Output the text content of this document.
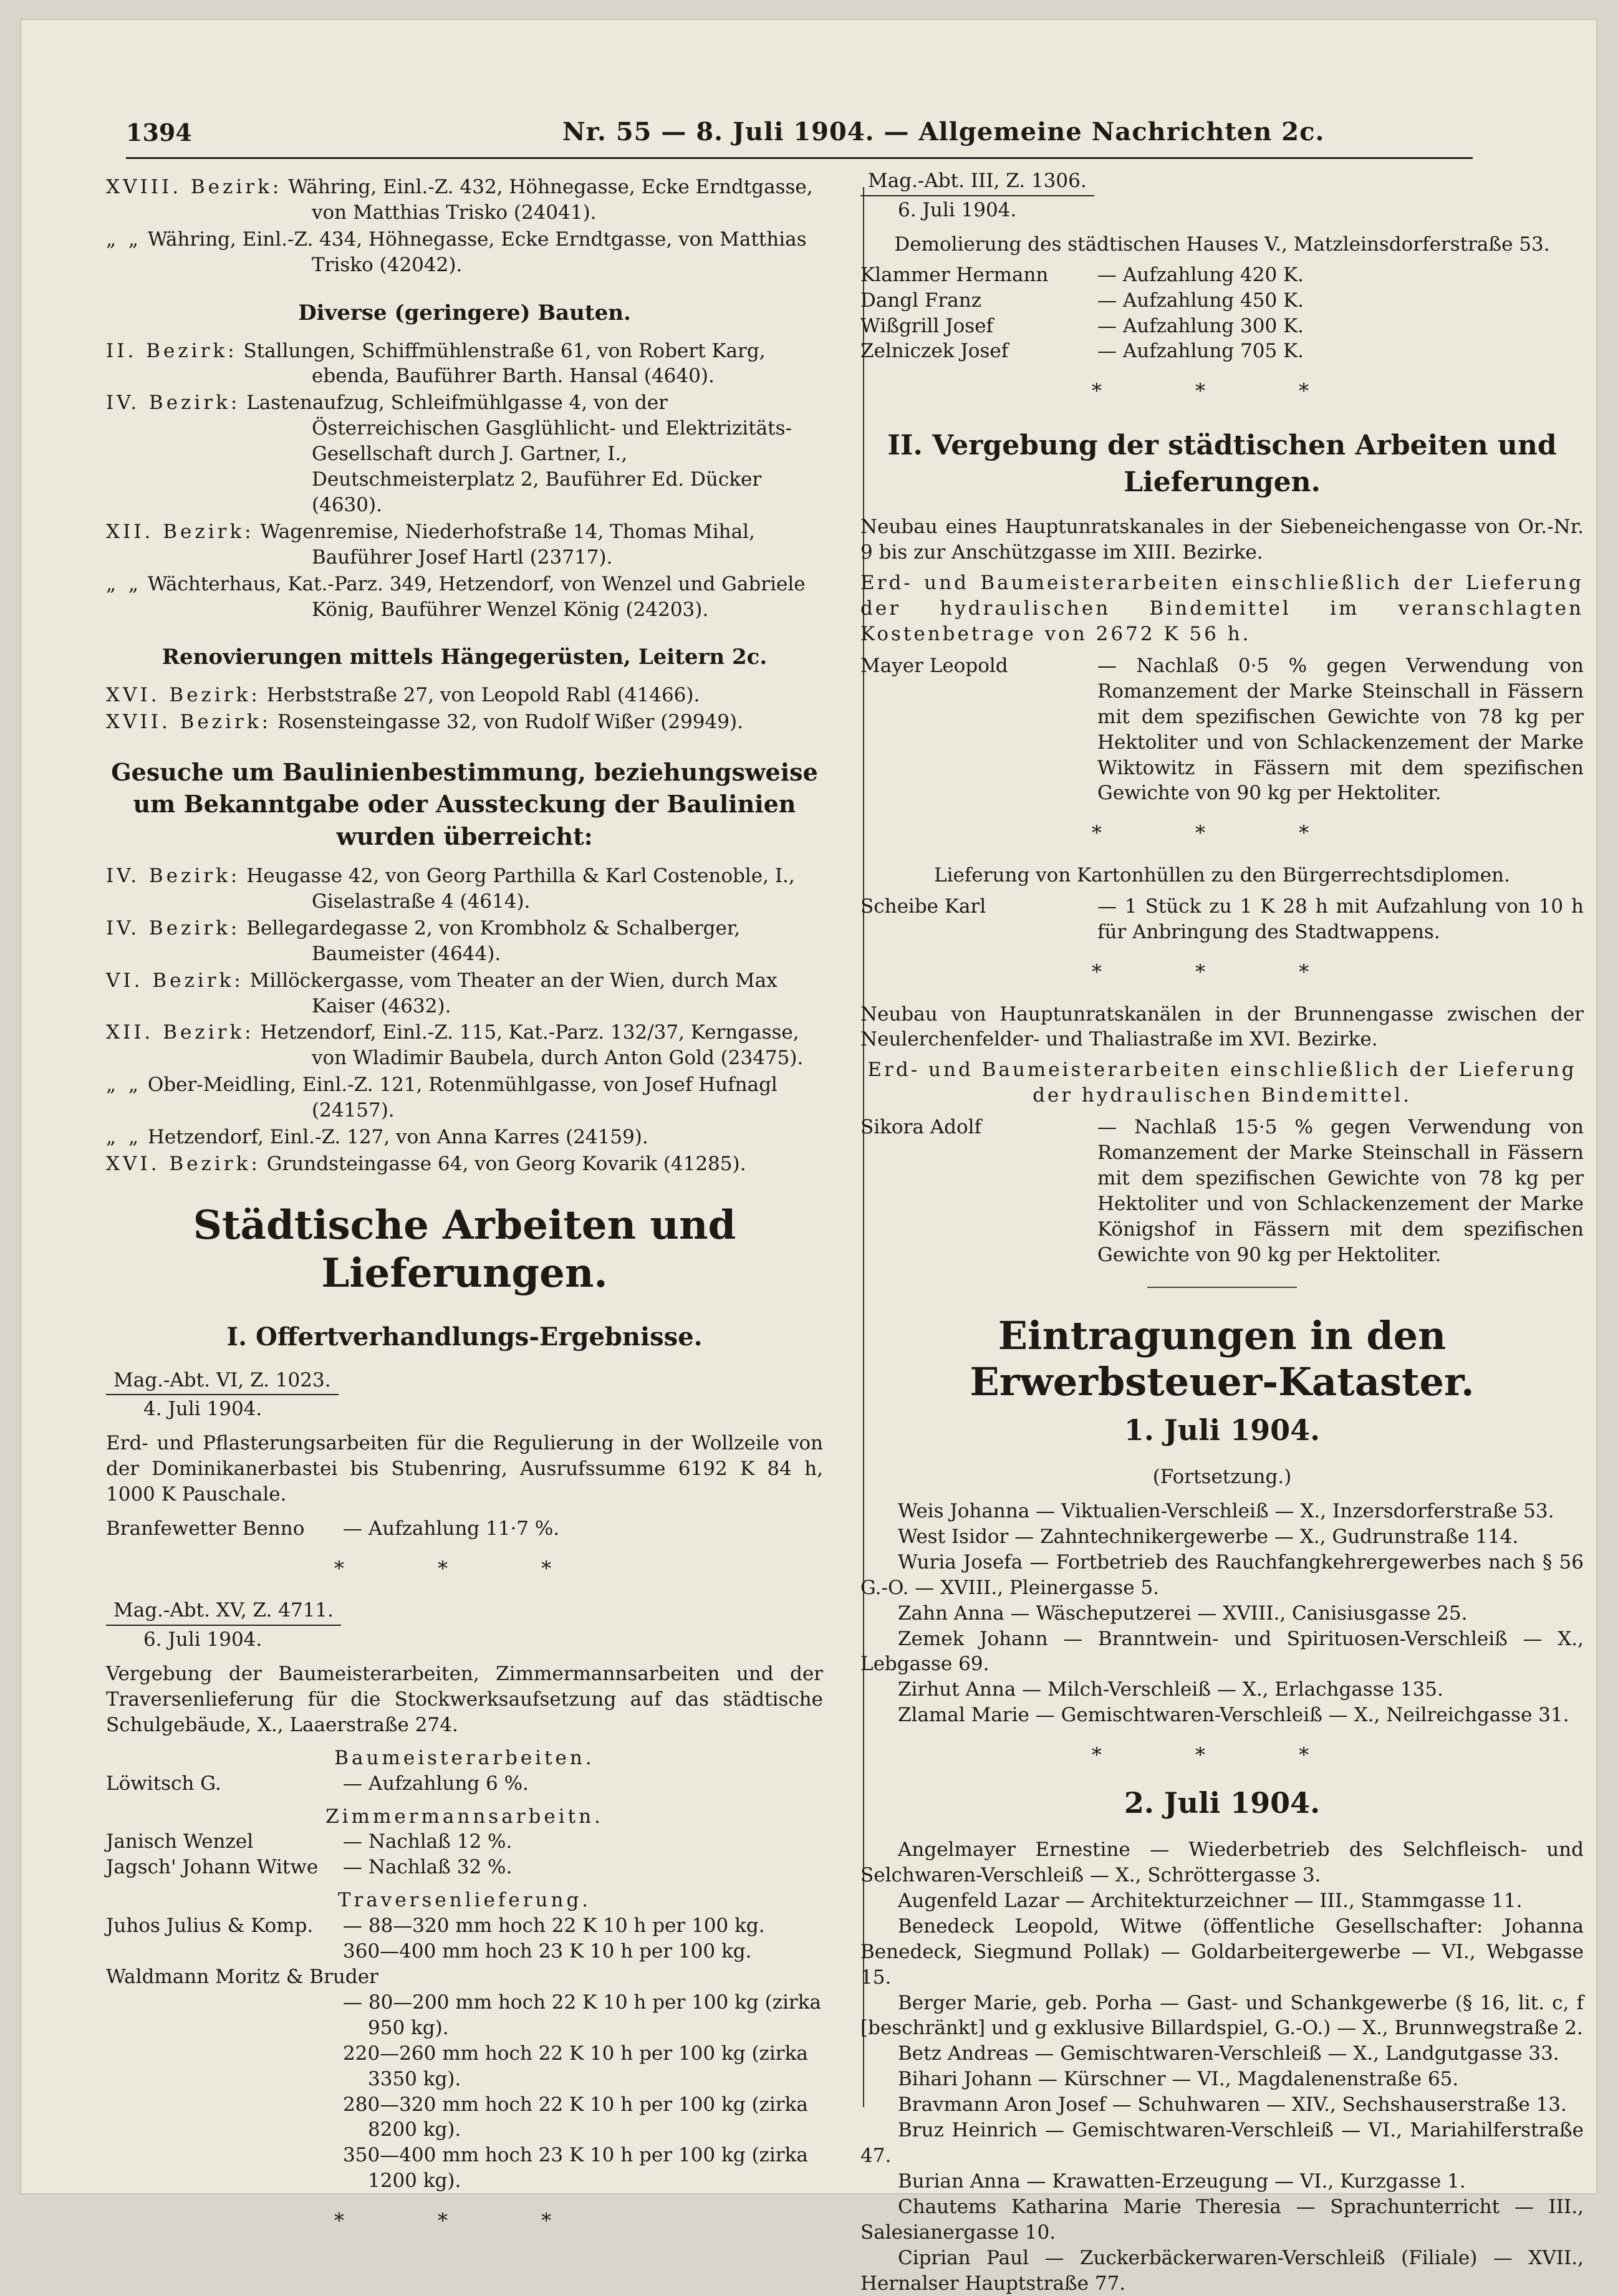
1394	Nr. 55 — 8. Juli 1904. — Allgemeine Nachrichten 2c.

XVIII. Bezirk: Währing, Einl.-Z. 432, Höhnegasse, Ecke Erndtgasse, von Matthias Trisko (24041).

„ „ Währing, Einl.-Z. 434, Höhnegasse, Ecke Erndtgasse, von Matthias Trisko (42042).

Diverse (geringere) Bauten.

II. Bezirk: Stallungen, Schiffmühlenstraße 61, von Robert Karg, ebenda, Bauführer Barth. Hansal (4640).

IV. Bezirk: Lastenaufzug, Schleifmühlgasse 4, von der Österreichischen Gasglühlicht- und Elektrizitäts-Gesellschaft durch J. Gartner, I., Deutschmeisterplatz 2, Bauführer Ed. Dücker (4630).

XII. Bezirk: Wagenremise, Niederhofstraße 14, Thomas Mihal, Bauführer Josef Hartl (23717).

„ „ Wächterhaus, Kat.-Parz. 349, Hetzendorf, von Wenzel und Gabriele König, Bauführer Wenzel König (24203).

Renovierungen mittels Hängegerüsten, Leitern 2c.

XVI. Bezirk: Herbststraße 27, von Leopold Rabl (41466).

XVII. Bezirk: Rosensteingasse 32, von Rudolf Wißer (29949).

Gesuche um Baulinienbestimmung, beziehungsweise um Bekanntgabe oder Aussteckung der Baulinien wurden überreicht:

IV. Bezirk: Heugasse 42, von Georg Parthilla & Karl Costenoble, I., Giselastraße 4 (4614).

IV. Bezirk: Bellegardegasse 2, von Krombholz & Schalberger, Baumeister (4644).

VI. Bezirk: Millöckergasse, vom Theater an der Wien, durch Max Kaiser (4632).

XII. Bezirk: Hetzendorf, Einl.-Z. 115, Kat.-Parz. 132/37, Kerngasse, von Wladimir Baubela, durch Anton Gold (23475).

„ „ Ober-Meidling, Einl.-Z. 121, Rotenmühlgasse, von Josef Hufnagl (24157).

„ „ Hetzendorf, Einl.-Z. 127, von Anna Karres (24159).

XVI. Bezirk: Grundsteingasse 64, von Georg Kovarik (41285).

Städtische Arbeiten und Lieferungen.
I. Offertverhandlungs-Ergebnisse.
Mag.-Abt. VI, Z. 1023.

4. Juli 1904.

Erd- und Pflasterungsarbeiten für die Regulierung in der Wollzeile von der Dominikanerbastei bis Stubenring, Ausrufssumme 6192 K 84 h, 1000 K Pauschale.

Branfewetter Benno	— Aufzahlung 11·7 %.
* * *
Mag.-Abt. XV, Z. 4711.

6. Juli 1904.

Vergebung der Baumeisterarbeiten, Zimmermannsarbeiten und der Traversenlieferung für die Stockwerksaufsetzung auf das städtische Schulgebäude, X., Laaerstraße 274.

Baumeisterarbeiten.

Löwitsch G.	— Aufzahlung 6 %.

Zimmermannsarbeitn.

Janisch Wenzel	— Nachlaß 12 %.
Jagsch' Johann Witwe	— Nachlaß 32 %.

Traversenlieferung.

Juhos Julius & Komp.	— 88—320 mm hoch 22 K 10 h per 100 kg.
360—400 mm hoch 23 K 10 h per 100 kg.
Waldmann Moritz & Bruder

— 80—200 mm hoch 22 K 10 h per 100 kg (zirka 950 kg).

220—260 mm hoch 22 K 10 h per 100 kg (zirka 3350 kg).

280—320 mm hoch 22 K 10 h per 100 kg (zirka 8200 kg).

350—400 mm hoch 23 K 10 h per 100 kg (zirka 1200 kg).

* * *
Mag.-Abt. III, Z. 1306.

6. Juli 1904.

Demolierung des städtischen Hauses V., Matzleinsdorferstraße 53.

Klammer Hermann	— Aufzahlung 420 K.
Dangl Franz	— Aufzahlung 450 K.
Wißgrill Josef	— Aufzahlung 300 K.
Zelniczek Josef	— Aufzahlung 705 K.
* * *
II. Vergebung der städtischen Arbeiten und Lieferungen.

Neubau eines Hauptunratskanales in der Siebeneichengasse von Or.-Nr. 9 bis zur Anschützgasse im XIII. Bezirke.

Erd- und Baumeisterarbeiten einschließlich der Lieferung der hydraulischen Bindemittel im veranschlagten Kostenbetrage von 2672 K 56 h.

Mayer Leopold	— Nachlaß 0·5 % gegen Verwendung von Romanzement der Marke Steinschall in Fässern mit dem spezifischen Gewichte von 78 kg per Hektoliter und von Schlackenzement der Marke Wiktowitz in Fässern mit dem spezifischen Gewichte von 90 kg per Hektoliter.
* * *

Lieferung von Kartonhüllen zu den Bürgerrechtsdiplomen.

Scheibe Karl	— 1 Stück zu 1 K 28 h mit Aufzahlung von 10 h für Anbringung des Stadtwappens.
* * *

Neubau von Hauptunratskanälen in der Brunnengasse zwischen der Neulerchenfelder- und Thaliastraße im XVI. Bezirke.

Erd- und Baumeisterarbeiten einschließlich der Lieferung der hydraulischen Bindemittel.

Sikora Adolf	— Nachlaß 15·5 % gegen Verwendung von Romanzement der Marke Steinschall in Fässern mit dem spezifischen Gewichte von 78 kg per Hektoliter und von Schlackenzement der Marke Königshof in Fässern mit dem spezifischen Gewichte von 90 kg per Hektoliter.
Eintragungen in den Erwerbsteuer-Kataster.
1. Juli 1904.

(Fortsetzung.)

Weis Johanna — Viktualien-Verschleiß — X., Inzersdorferstraße 53.

West Isidor — Zahntechnikergewerbe — X., Gudrunstraße 114.

Wuria Josefa — Fortbetrieb des Rauchfangkehrergewerbes nach § 56 G.-O. — XVIII., Pleinergasse 5.

Zahn Anna — Wäscheputzerei — XVIII., Canisiusgasse 25.

Zemek Johann — Branntwein- und Spirituosen-Verschleiß — X., Lebgasse 69.

Zirhut Anna — Milch-Verschleiß — X., Erlachgasse 135.

Zlamal Marie — Gemischtwaren-Verschleiß — X., Neilreichgasse 31.

* * *
2. Juli 1904.

Angelmayer Ernestine — Wiederbetrieb des Selchfleisch- und Selchwaren-Verschleiß — X., Schröttergasse 3.

Augenfeld Lazar — Architekturzeichner — III., Stammgasse 11.

Benedeck Leopold, Witwe (öffentliche Gesellschafter: Johanna Benedeck, Siegmund Pollak) — Goldarbeitergewerbe — VI., Webgasse 15.

Berger Marie, geb. Porha — Gast- und Schankgewerbe (§ 16, lit. c, f [beschränkt] und g exklusive Billardspiel, G.-O.) — X., Brunnwegstraße 2.

Betz Andreas — Gemischtwaren-Verschleiß — X., Landgutgasse 33.

Bihari Johann — Kürschner — VI., Magdalenenstraße 65.

Bravmann Aron Josef — Schuhwaren — XIV., Sechshauserstraße 13.

Bruz Heinrich — Gemischtwaren-Verschleiß — VI., Mariahilferstraße 47.

Burian Anna — Krawatten-Erzeugung — VI., Kurzgasse 1.

Chautems Katharina Marie Theresia — Sprachunterricht — III., Salesianergasse 10.

Ciprian Paul — Zuckerbäckerwaren-Verschleiß (Filiale) — XVII., Hernalser Hauptstraße 77.
